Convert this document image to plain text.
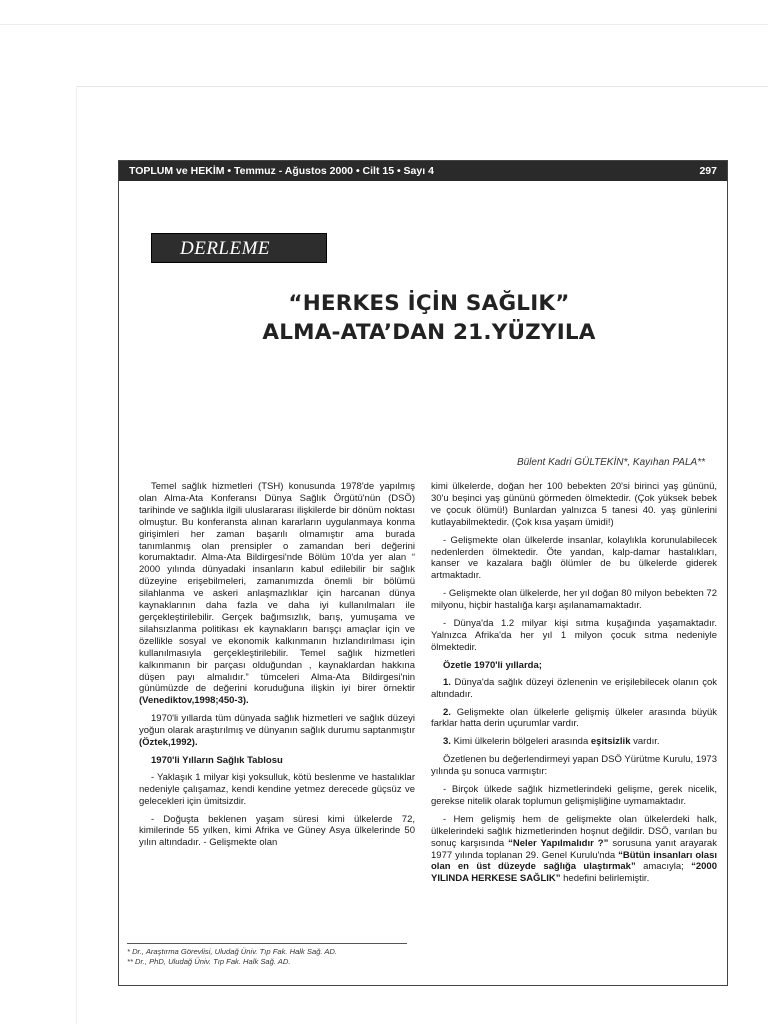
TOPLUM ve HEKİM • Temmuz - Ağustos 2000 • Cilt 15 • Sayı 4	297
DERLEME
“HERKES İÇİN SAĞLIK”
ALMA-ATA’DAN 21.YÜZYILA
Bülent Kadri GÜLTEKİN*, Kayıhan PALA**

Temel sağlık hizmetleri (TSH) konusunda 1978'de yapılmış olan Alma-Ata Konferansı Dünya Sağlık Örgütü'nün (DSÖ) tarihinde ve sağlıkla ilgili uluslararası ilişkilerde bir dönüm noktası olmuştur. Bu konferansta alınan kararların uygulanmaya konma girişimleri her zaman başarılı olmamıştır ama burada tanımlanmış olan prensipler o zamandan beri değerini korumaktadır. Alma-Ata Bildirgesi'nde Bölüm 10'da yer alan “ 2000 yılında dünyadaki insanların kabul edilebilir bir sağlık düzeyine erişebilmeleri, zamanımızda önemli bir bölümü silahlanma ve askeri anlaşmazlıklar için harcanan dünya kaynaklarının daha fazla ve daha iyi kullanılmaları ile gerçekleştirilebilir. Gerçek bağımsızlık, barış, yumuşama ve silahsızlanma politikası ek kaynakların barışçı amaçlar için ve özellikle sosyal ve ekonomik kalkınmanın hızlandırılması için kullanılmasıyla gerçekleştirilebilir. Temel sağlık hizmetleri kalkınmanın bir parçası olduğundan , kaynaklardan hakkına düşen payı almalıdır.” tümceleri Alma-Ata Bildirgesi'nin günümüzde de değerini koruduğuna ilişkin iyi birer örnektir (Venediktov,1998;450-3).

1970'li yıllarda tüm dünyada sağlık hizmetleri ve sağlık düzeyi yoğun olarak araştırılmış ve dünyanın sağlık durumu saptanmıştır (Öztek,1992).

1970'li Yılların Sağlık Tablosu

- Yaklaşık 1 milyar kişi yoksulluk, kötü beslenme ve hastalıklar nedeniyle çalışamaz, kendi kendine yetmez derecede güçsüz ve gelecekleri için ümitsizdir.

- Doğuşta beklenen yaşam süresi kimi ülkelerde 72, kimilerinde 55 yılken, kimi Afrika ve Güney Asya ülkelerinde 50 yılın altındadır. - Gelişmekte olan

kimi ülkelerde, doğan her 100 bebekten 20'si birinci yaş gününü, 30'u beşinci yaş gününü görmeden ölmektedir. (Çok yüksek bebek ve çocuk ölümü!) Bunlardan yalnızca 5 tanesi 40. yaş günlerini kutlayabilmektedir. (Çok kısa yaşam ümidi!)

- Gelişmekte olan ülkelerde insanlar, kolaylıkla korunulabilecek nedenlerden ölmektedir. Öte yandan, kalp-damar hastalıkları, kanser ve kazalara bağlı ölümler de bu ülkelerde giderek artmaktadır.

- Gelişmekte olan ülkelerde, her yıl doğan 80 milyon bebekten 72 milyonu, hiçbir hastalığa karşı aşılanamamaktadır.

- Dünya'da 1.2 milyar kişi sıtma kuşağında yaşamaktadır. Yalnızca Afrika'da her yıl 1 milyon çocuk sıtma nedeniyle ölmektedir.

Özetle 1970'li yıllarda;

1. Dünya'da sağlık düzeyi özlenenin ve erişilebilecek olanın çok altındadır.

2. Gelişmekte olan ülkelerle gelişmiş ülkeler arasında büyük farklar hatta derin uçurumlar vardır.

3. Kimi ülkelerin bölgeleri arasında eşitsizlik vardır.

Özetlenen bu değerlendirmeyi yapan DSÖ Yürütme Kurulu, 1973 yılında şu sonuca varmıştır:

- Birçok ülkede sağlık hizmetlerindeki gelişme, gerek nicelik, gerekse nitelik olarak toplumun gelişmişliğine uymamaktadır.

- Hem gelişmiş hem de gelişmekte olan ülkelerdeki halk, ülkelerindeki sağlık hizmetlerinden hoşnut değildir. DSÖ, varılan bu sonuç karşısında “Neler Yapılmalıdır ?” sorusuna yanıt arayarak 1977 yılında toplanan 29. Genel Kurulu'nda “Bütün insanları olası olan en üst düzeyde sağlığa ulaştırmak” amacıyla; “2000 YILINDA HERKESE SAĞLIK” hedefini belirlemiştir.

* Dr., Araştırma Görevlisi, Uludağ Üniv. Tıp Fak. Halk Sağ. AD.
** Dr., PhD, Uludağ Üniv. Tıp Fak. Halk Sağ. AD.
